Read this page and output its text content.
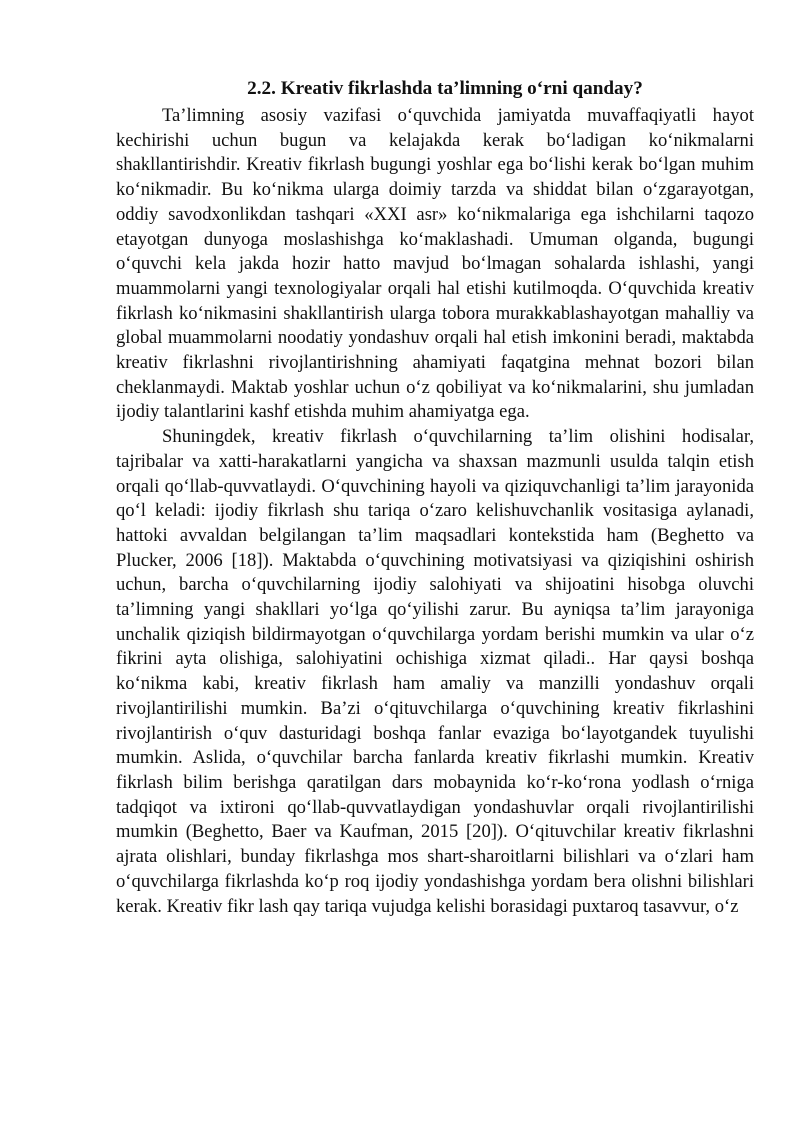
2.2. Kreativ fikrlashda ta’limning o‘rni qanday?

Ta’limning asosiy vazifasi o‘quvchida jamiyatda muvaffaqiyatli hayot kechirishi uchun bugun va kelajakda kerak bo‘ladigan ko‘nikmalarni shakllantirishdir. Kreativ fikrlash bugungi yoshlar ega bo‘lishi kerak bo‘lgan muhim ko‘nikmadir. Bu ko‘nikma ularga doimiy tarzda va shiddat bilan o‘zgarayotgan, oddiy savodxonlikdan tashqari «XXI asr» ko‘nikmalariga ega ishchilarni taqozo etayotgan dunyoga moslashishga ko‘maklashadi. Umuman olganda, bugungi o‘quvchi kela jakda hozir hatto mavjud bo‘lmagan sohalarda ishlashi, yangi muammolarni yangi texnologiyalar orqali hal etishi kutilmoqda. O‘quvchida kreativ fikrlash ko‘nikmasini shakllantirish ularga tobora murakkablashayotgan mahalliy va global muammolarni noodatiy yondashuv orqali hal etish imkonini beradi, maktabda kreativ fikrlashni rivojlantirishning ahamiyati faqatgina mehnat bozori bilan cheklanmaydi. Maktab yoshlar uchun o‘z qobiliyat va ko‘nikmalarini, shu jumladan ijodiy talantlarini kashf etishda muhim ahamiyatga ega.

Shuningdek, kreativ fikrlash o‘quvchilarning ta’lim olishini hodisalar, tajribalar va xatti-harakatlarni yangicha va shaxsan mazmunli usulda talqin etish orqali qo‘llab-quvvatlaydi. O‘quvchining hayoli va qiziquvchanligi ta’lim jarayonida qo‘l keladi: ijodiy fikrlash shu tariqa o‘zaro kelishuvchanlik vositasiga aylanadi, hattoki avvaldan belgilangan ta’lim maqsadlari kontekstida ham (Beghetto va Plucker, 2006 [18]). Maktabda o‘quvchining motivatsiyasi va qiziqishini oshirish uchun, barcha o‘quvchilarning ijodiy salohiyati va shijoatini hisobga oluvchi ta’limning yangi shakllari yo‘lga qo‘yilishi zarur. Bu ayniqsa ta’lim jarayoniga unchalik qiziqish bildirmayotgan o‘quvchilarga yordam berishi mumkin va ular o‘z fikrini ayta olishiga, salohiyatini ochishiga xizmat qiladi.. Har qaysi boshqa ko‘nikma kabi, kreativ fikrlash ham amaliy va manzilli yondashuv orqali rivojlantirilishi mumkin. Ba’zi o‘qituvchilarga o‘quvchining kreativ fikrlashini rivojlantirish o‘quv dasturidagi boshqa fanlar evaziga bo‘layotgandek tuyulishi mumkin. Aslida, o‘quvchilar barcha fanlarda kreativ fikrlashi mumkin. Kreativ fikrlash bilim berishga qaratilgan dars mobaynida ko‘r-ko‘rona yodlash o‘rniga tadqiqot va ixtironi qo‘llab-quvvatlaydigan yondashuvlar orqali rivojlantirilishi mumkin (Beghetto, Baer va Kaufman, 2015 [20]). O‘qituvchilar kreativ fikrlashni ajrata olishlari, bunday fikrlashga mos shart-sharoitlarni bilishlari va o‘zlari ham o‘quvchilarga fikrlashda ko‘p roq ijodiy yondashishga yordam bera olishni bilishlari kerak. Kreativ fikr lash qay tariqa vujudga kelishi borasidagi puxtaroq tasavvur, o‘z
